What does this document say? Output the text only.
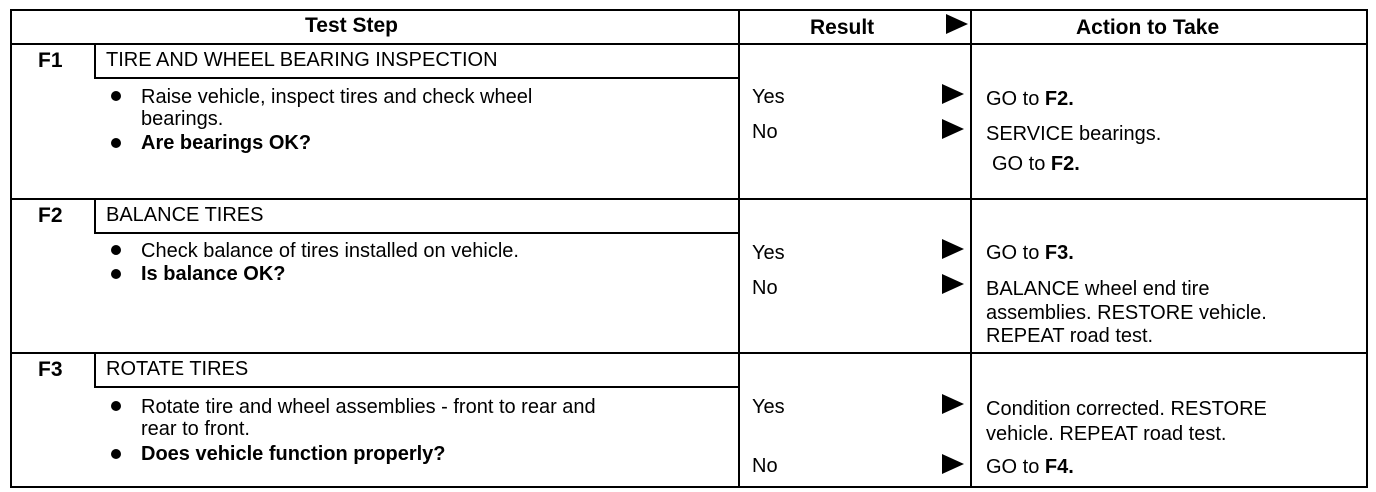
Test Step	Result	Action to Take
F1 TIRE AND WHEEL BEARING INSPECTION
Raise vehicle, inspect tires and check wheel
bearings.
Are bearings OK?
Yes
No
GO to F2.
SERVICE bearings.
GO to F2.
F2 BALANCE TIRES
Check balance of tires installed on vehicle.
Is balance OK?
Yes
No
GO to F3.
BALANCE wheel end tire
assemblies. RESTORE vehicle.
REPEAT road test.
F3 ROTATE TIRES
Rotate tire and wheel assemblies - front to rear and
rear to front.
Does vehicle function properly?
Yes
No
Condition corrected. RESTORE
vehicle. REPEAT road test.
GO to F4.
